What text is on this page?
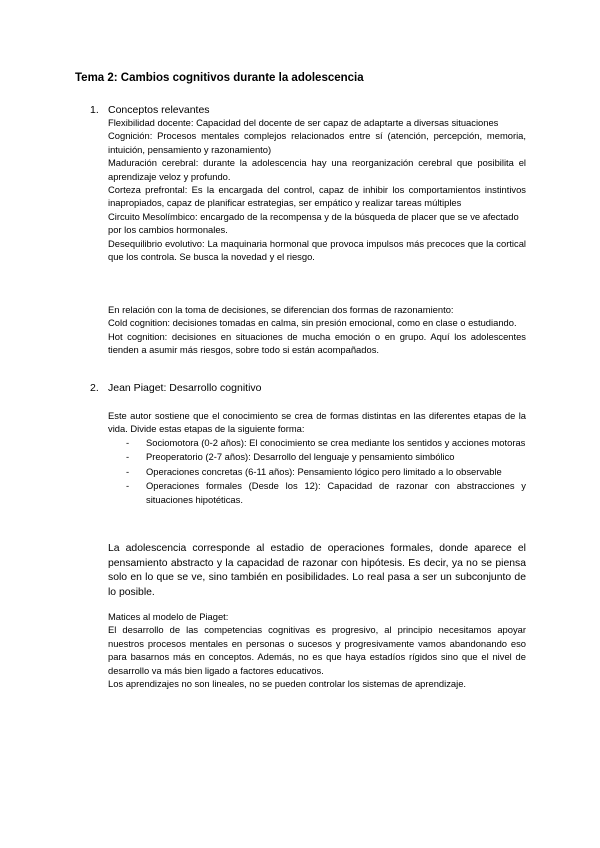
Tema 2: Cambios cognitivos durante la adolescencia
1. Conceptos relevantes

Flexibilidad docente: Capacidad del docente de ser capaz de adaptarte a diversas situaciones

Cognición: Procesos mentales complejos relacionados entre sí (atención, percepción, memoria, intuición, pensamiento y razonamiento)

Maduración cerebral: durante la adolescencia hay una reorganización cerebral que posibilita el aprendizaje veloz y profundo.

Corteza prefrontal: Es la encargada del control, capaz de inhibir los comportamientos instintivos inapropiados, capaz de planificar estrategias, ser empático y realizar tareas múltiples

Circuito Mesolímbico: encargado de la recompensa y de la búsqueda de placer que se ve afectado por los cambios hormonales.

Desequilibrio evolutivo: La maquinaria hormonal que provoca impulsos más precoces que la cortical que los controla. Se busca la novedad y el riesgo.

En relación con la toma de decisiones, se diferencian dos formas de razonamiento:

Cold cognition: decisiones tomadas en calma, sin presión emocional, como en clase o estudiando.

Hot cognition: decisiones en situaciones de mucha emoción o en grupo. Aquí los adolescentes tienden a asumir más riesgos, sobre todo si están acompañados.

2. Jean Piaget: Desarrollo cognitivo

Este autor sostiene que el conocimiento se crea de formas distintas en las diferentes etapas de la vida. Divide estas etapas de la siguiente forma:

- Sociomotora (0-2 años): El conocimiento se crea mediante los sentidos y acciones motoras
- Preoperatorio (2-7 años): Desarrollo del lenguaje y pensamiento simbólico
- Operaciones concretas (6-11 años): Pensamiento lógico pero limitado a lo observable
- Operaciones formales (Desde los 12): Capacidad de razonar con abstracciones y situaciones hipotéticas.

La adolescencia corresponde al estadio de operaciones formales, donde aparece el pensamiento abstracto y la capacidad de razonar con hipótesis. Es decir, ya no se piensa solo en lo que se ve, sino también en posibilidades. Lo real pasa a ser un subconjunto de lo posible.

Matices al modelo de Piaget:

El desarrollo de las competencias cognitivas es progresivo, al principio necesitamos apoyar nuestros procesos mentales en personas o sucesos y progresivamente vamos abandonando eso para basarnos más en conceptos. Además, no es que haya estadíos rígidos sino que el nivel de desarrollo va más bien ligado a factores educativos.

Los aprendizajes no son lineales, no se pueden controlar los sistemas de aprendizaje.
